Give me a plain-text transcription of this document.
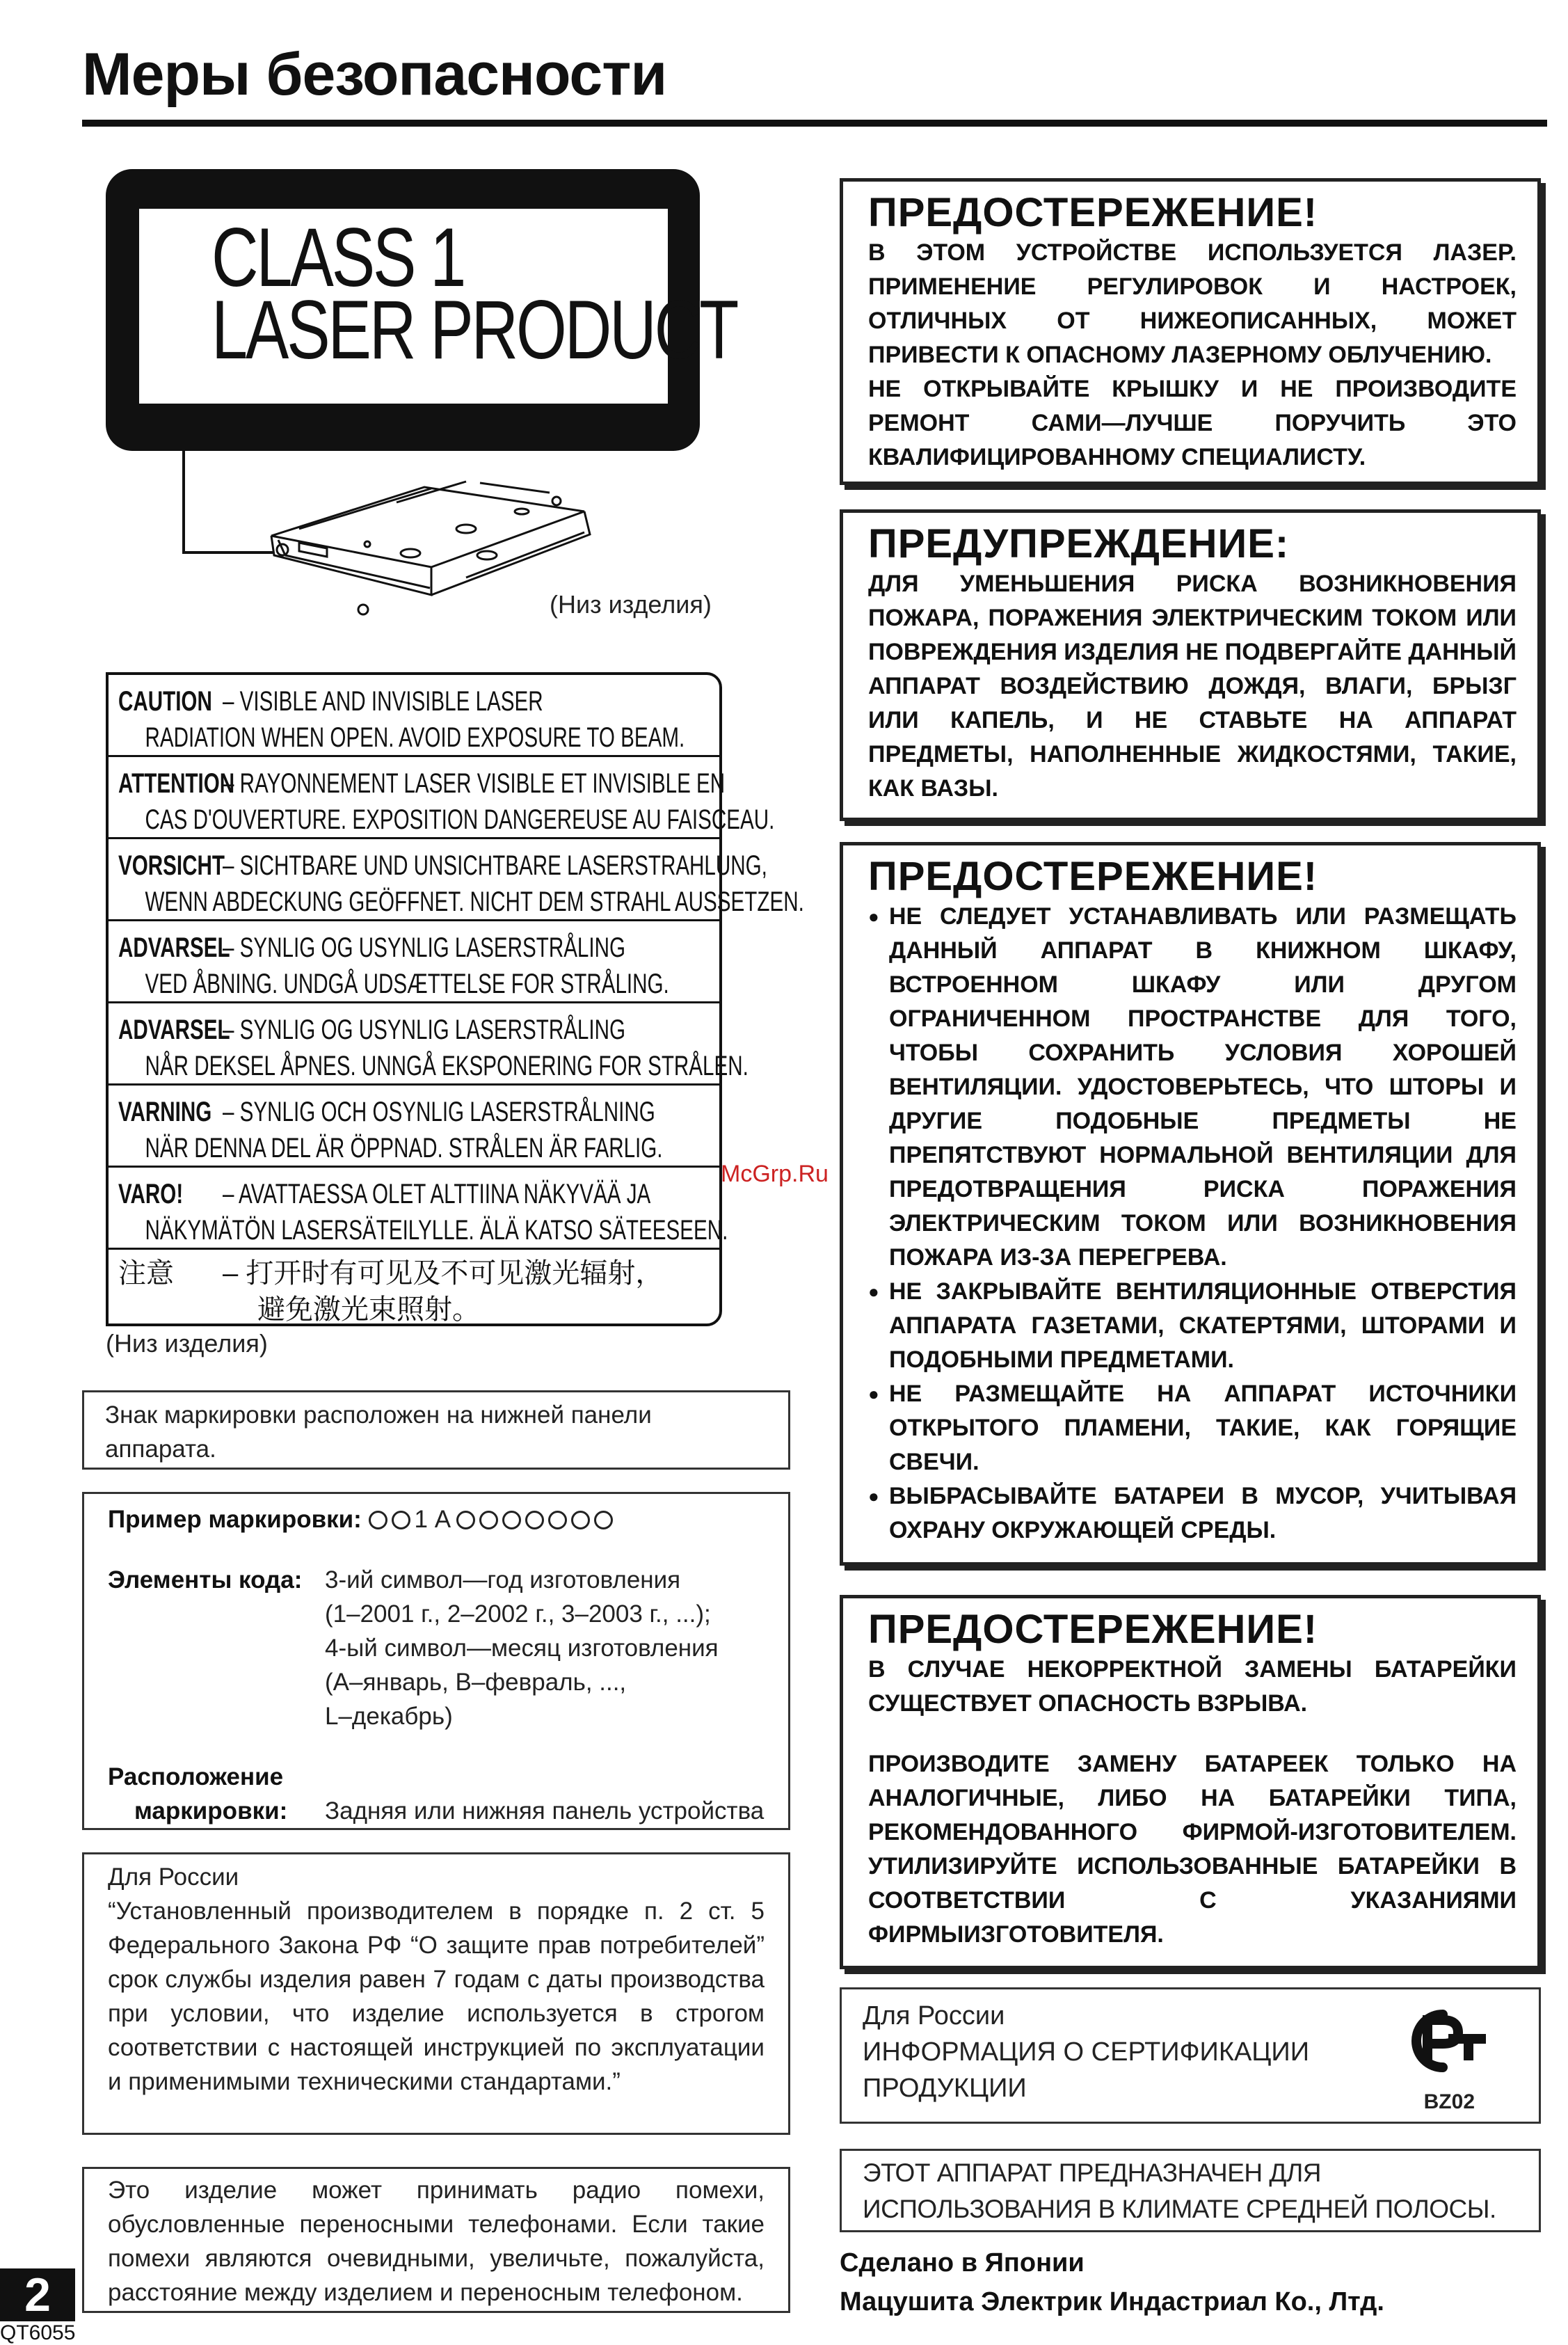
Меры безопасности
CLASS 1
LASER PRODUCT
(Низ изделия)
CAUTION – VISIBLE AND INVISIBLE LASER
RADIATION WHEN OPEN. AVOID EXPOSURE TO BEAM.
ATTENTION– RAYONNEMENT LASER VISIBLE ET INVISIBLE EN
CAS D'OUVERTURE. EXPOSITION DANGEREUSE AU FAISCEAU.
VORSICHT– SICHTBARE UND UNSICHTBARE LASERSTRAHLUNG,
WENN ABDECKUNG GEÖFFNET. NICHT DEM STRAHL AUSSETZEN.
ADVARSEL– SYNLIG OG USYNLIG LASERSTRÅLING
VED ÅBNING. UNDGÅ UDSÆTTELSE FOR STRÅLING.
ADVARSEL– SYNLIG OG USYNLIG LASERSTRÅLING
NÅR DEKSEL ÅPNES. UNNGÅ EKSPONERING FOR STRÅLEN.
VARNING – SYNLIG OCH OSYNLIG LASERSTRÅLNING
NÄR DENNA DEL ÄR ÖPPNAD. STRÅLEN ÄR FARLIG.
VARO! – AVATTAESSA OLET ALTTIINA NÄKYVÄÄ JA
NÄKYMÄTÖN LASERSÄTEILYLLE. ÄLÄ KATSO SÄTEESEEN.
注意 – 打开时有可见及不可见激光辐射，
避免激光束照射。
(Низ изделия)
Знак маркировки расположен на нижней панели аппарата.
Пример маркировки: 1 A
Элементы кода: 3-ий символ—год изготовления
(1–2001 г., 2–2002 г., 3–2003 г., ...);
4-ый символ—месяц изготовления
(A–январь, B–февраль, ...,
L–декабрь)
Расположение
маркировки:	Задняя или нижняя панель устройства
Для России
“Установленный производителем в порядке п. 2 ст. 5 Федерального Закона РФ “О защите прав потребителей” срок службы изделия равен 7 годам с даты производства при условии, что изделие используется в строгом соответствии с настоящей инструкцией по эксплуатации и применимыми техническими стандартами.”
Это изделие может принимать радио помехи, обусловленные переносными телефонами. Если такие помехи являются очевидными, увеличьте, пожалуйста, расстояние между изделием и переносным телефоном.
ПРЕДОСТЕРЕЖЕНИЕ!

В ЭТОМ УСТРОЙСТВЕ ИСПОЛЬЗУЕТСЯ ЛАЗЕР. ПРИМЕНЕНИЕ РЕГУЛИРОВОК И НАСТРОЕК, ОТЛИЧНЫХ ОТ НИЖЕОПИСАННЫХ, МОЖЕТ ПРИВЕСТИ К ОПАСНОМУ ЛАЗЕРНОМУ ОБЛУЧЕНИЮ.

НЕ ОТКРЫВАЙТЕ КРЫШКУ И НЕ ПРОИЗВОДИТЕ РЕМОНТ САМИ—ЛУЧШЕ ПОРУЧИТЬ ЭТО КВАЛИФИЦИРОВАННОМУ СПЕЦИАЛИСТУ.

ПРЕДУПРЕЖДЕНИЕ:

ДЛЯ УМЕНЬШЕНИЯ РИСКА ВОЗНИКНОВЕНИЯ ПОЖАРА, ПОРАЖЕНИЯ ЭЛЕКТРИЧЕСКИМ ТОКОМ ИЛИ ПОВРЕЖДЕНИЯ ИЗДЕЛИЯ НЕ ПОДВЕРГАЙТЕ ДАННЫЙ АППАРАТ ВОЗДЕЙСТВИЮ ДОЖДЯ, ВЛАГИ, БРЫЗГ ИЛИ КАПЕЛЬ, И НЕ СТАВЬТЕ НА АППАРАТ ПРЕДМЕТЫ, НАПОЛНЕННЫЕ ЖИДКОСТЯМИ, ТАКИЕ, КАК ВАЗЫ.

ПРЕДОСТЕРЕЖЕНИЕ!
● НЕ СЛЕДУЕТ УСТАНАВЛИВАТЬ ИЛИ РАЗМЕЩАТЬ ДАННЫЙ АППАРАТ В КНИЖНОМ ШКАФУ, ВСТРОЕННОМ ШКАФУ ИЛИ ДРУГОМ ОГРАНИЧЕННОМ ПРОСТРАНСТВЕ ДЛЯ ТОГО, ЧТОБЫ СОХРАНИТЬ УСЛОВИЯ ХОРОШЕЙ ВЕНТИЛЯЦИИ. УДОСТОВЕРЬТЕСЬ, ЧТО ШТОРЫ И ДРУГИЕ ПОДОБНЫЕ ПРЕДМЕТЫ НЕ ПРЕПЯТСТВУЮТ НОРМАЛЬНОЙ ВЕНТИЛЯЦИИ ДЛЯ ПРЕДОТВРАЩЕНИЯ РИСКА ПОРАЖЕНИЯ ЭЛЕКТРИЧЕСКИМ ТОКОМ ИЛИ ВОЗНИКНОВЕНИЯ ПОЖАРА ИЗ-ЗА ПЕРЕГРЕВА.
● НЕ ЗАКРЫВАЙТЕ ВЕНТИЛЯЦИОННЫЕ ОТВЕРСТИЯ АППАРАТА ГАЗЕТАМИ, СКАТЕРТЯМИ, ШТОРАМИ И ПОДОБНЫМИ ПРЕДМЕТАМИ.
● НЕ РАЗМЕЩАЙТЕ НА АППАРАТ ИСТОЧНИКИ ОТКРЫТОГО ПЛАМЕНИ, ТАКИЕ, КАК ГОРЯЩИЕ СВЕЧИ.
● ВЫБРАСЫВАЙТЕ БАТАРЕИ В МУСОР, УЧИТЫВАЯ ОХРАНУ ОКРУЖАЮЩЕЙ СРЕДЫ.
ПРЕДОСТЕРЕЖЕНИЕ!

В СЛУЧАЕ НЕКОРРЕКТНОЙ ЗАМЕНЫ БАТАРЕЙКИ СУЩЕСТВУЕТ ОПАСНОСТЬ ВЗРЫВА.

ПРОИЗВОДИТЕ ЗАМЕНУ БАТАРЕЕК ТОЛЬКО НА АНАЛОГИЧНЫЕ, ЛИБО НА БАТАРЕЙКИ ТИПА, РЕКОМЕНДОВАННОГО ФИРМОЙ-ИЗГОТОВИТЕЛЕМ. УТИЛИЗИРУЙТЕ ИСПОЛЬЗОВАННЫЕ БАТАРЕЙКИ В СООТВЕТСТВИИ С УКАЗАНИЯМИ ФИРМЫИЗГОТОВИТЕЛЯ.

Для России
ИНФОРМАЦИЯ О СЕРТИФИКАЦИИ
ПРОДУКЦИИ	BZ02
ЭТОТ АППАРАТ ПРЕДНАЗНАЧЕН ДЛЯ ИСПОЛЬЗОВАНИЯ В КЛИМАТЕ СРЕДНЕЙ ПОЛОСЫ.
Сделано в Японии
Мацушита Электрик Индастриал Ко., Лтд.
2
QT6055
McGrp.Ru
